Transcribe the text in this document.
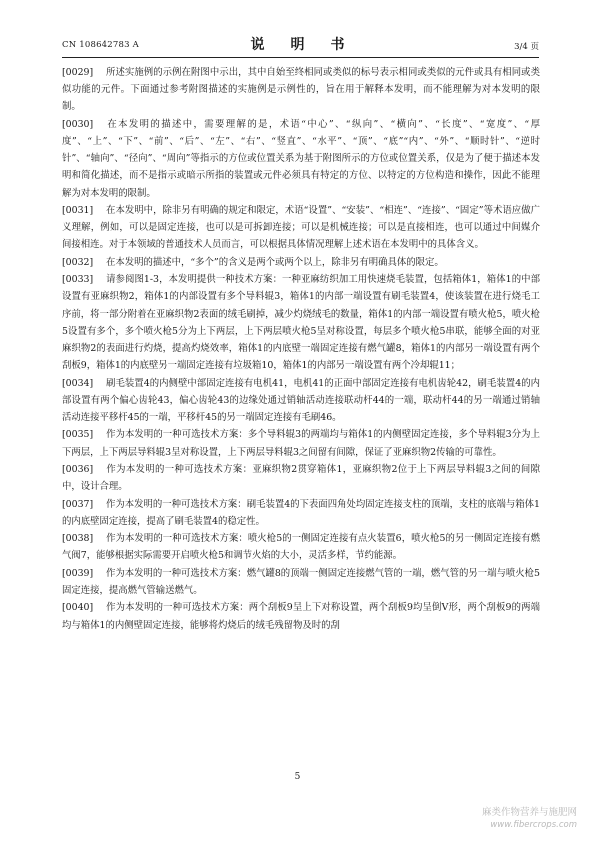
CN 108642783 A	说　明　书	3/4 页

[0029] 所述实施例的示例在附图中示出，其中自始至终相同或类似的标号表示相同或类似的元件或具有相同或类似功能的元件。下面通过参考附图描述的实施例是示例性的，旨在用于解释本发明，而不能理解为对本发明的限制。

[0030] 在本发明的描述中，需要理解的是，术语“中心”、“纵向”、“横向”、“长度”、“宽度”、“厚度”、“上”、“下”、“前”、“后”、“左”、“右”、“竖直”、“水平”、“顶”、“底”“内”、“外”、“顺时针”、“逆时针”、“轴向”、“径向”、“周向”等指示的方位或位置关系为基于附图所示的方位或位置关系，仅是为了便于描述本发明和简化描述，而不是指示或暗示所指的装置或元件必须具有特定的方位、以特定的方位构造和操作，因此不能理解为对本发明的限制。

[0031] 在本发明中，除非另有明确的规定和限定，术语“设置”、“安装”、“相连”、“连接”、“固定”等术语应做广义理解，例如，可以是固定连接，也可以是可拆卸连接；可以是机械连接；可以是直接相连，也可以通过中间媒介间接相连。对于本领域的普通技术人员而言，可以根据具体情况理解上述术语在本发明中的具体含义。

[0032] 在本发明的描述中，“多个”的含义是两个或两个以上，除非另有明确具体的限定。

[0033] 请参阅图1-3，本发明提供一种技术方案：一种亚麻纺织加工用快速烧毛装置，包括箱体1，箱体1的中部设置有亚麻织物2，箱体1的内部设置有多个导料辊3，箱体1的内部一端设置有刷毛装置4，使该装置在进行烧毛工序前，将一部分附着在亚麻织物2表面的绒毛刷掉，减少灼烧绒毛的数量，箱体1的内部一端设置有喷火枪5，喷火枪5设置有多个，多个喷火枪5分为上下两层，上下两层喷火枪5呈对称设置，每层多个喷火枪5串联，能够全面的对亚麻织物2的表面进行灼烧，提高灼烧效率，箱体1的内底壁一端固定连接有燃气罐8，箱体1的内部另一端设置有两个刮板9，箱体1的内底壁另一端固定连接有垃圾箱10，箱体1的内部另一端设置有两个冷却辊11；

[0034] 刷毛装置4的内侧壁中部固定连接有电机41，电机41的正面中部固定连接有电机齿轮42，刷毛装置4的内部设置有两个偏心齿轮43，偏心齿轮43的边缘处通过销轴活动连接联动杆44的一端，联动杆44的另一端通过销轴活动连接平移杆45的一端，平移杆45的另一端固定连接有毛刷46。

[0035] 作为本发明的一种可选技术方案：多个导料辊3的两端均与箱体1的内侧壁固定连接，多个导料辊3分为上下两层，上下两层导料辊3呈对称设置，上下两层导料辊3之间留有间隙，保证了亚麻织物2传输的可靠性。

[0036] 作为本发明的一种可选技术方案：亚麻织物2贯穿箱体1，亚麻织物2位于上下两层导料辊3之间的间隙中，设计合理。

[0037] 作为本发明的一种可选技术方案：刷毛装置4的下表面四角处均固定连接支柱的顶端，支柱的底端与箱体1的内底壁固定连接，提高了刷毛装置4的稳定性。

[0038] 作为本发明的一种可选技术方案：喷火枪5的一侧固定连接有点火装置6，喷火枪5的另一侧固定连接有燃气阀7，能够根据实际需要开启喷火枪5和调节火焰的大小，灵活多样，节约能源。

[0039] 作为本发明的一种可选技术方案：燃气罐8的顶端一侧固定连接燃气管的一端，燃气管的另一端与喷火枪5固定连接，提高燃气管输送燃气。

[0040] 作为本发明的一种可选技术方案：两个刮板9呈上下对称设置，两个刮板9均呈倒V形，两个刮板9的两端均与箱体1的内侧壁固定连接，能够将灼烧后的绒毛残留物及时的刮

5
麻类作物营养与施肥网
www.fibercrops.com
